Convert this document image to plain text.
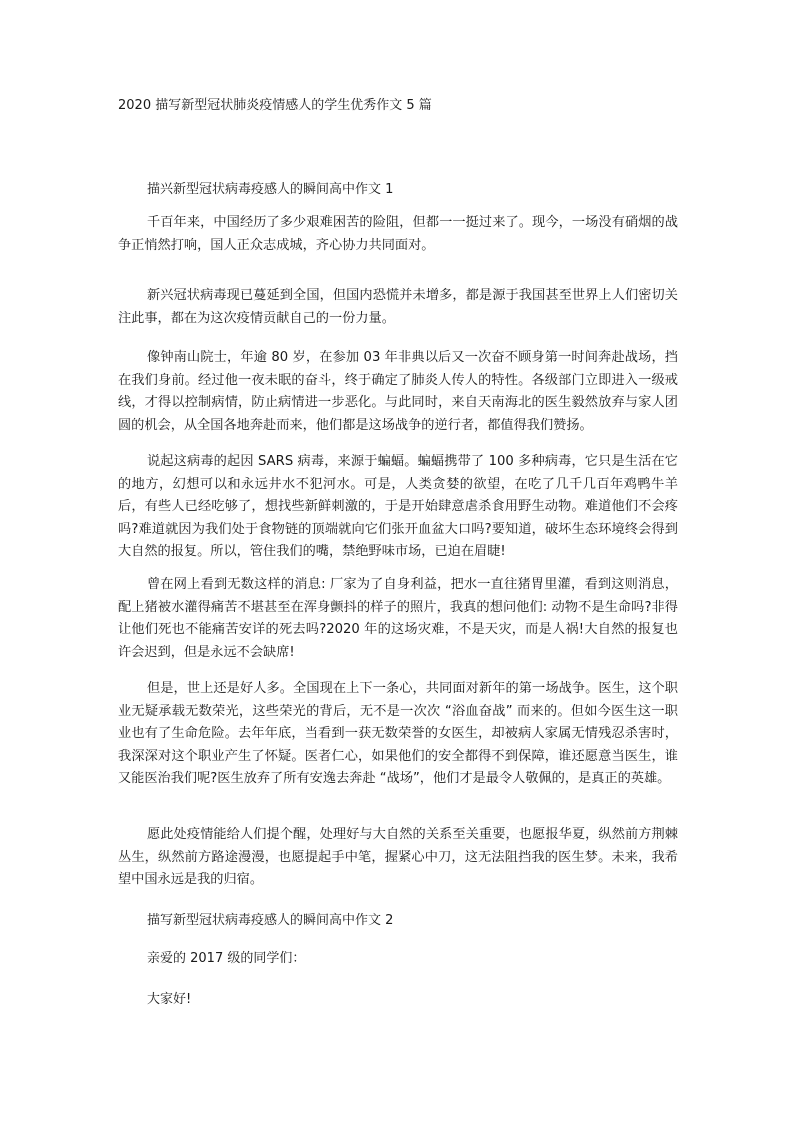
2020 描写新型冠状肺炎疫情感人的学生优秀作文 5 篇
描兴新型冠状病毒疫感人的瞬间高中作文 1

千百年来，中国经历了多少艰难困苦的险阻，但都一一挺过来了。现今，一场没有硝烟的战争正悄然打响，国人正众志成城，齐心协力共同面对。

新兴冠状病毒现已蔓延到全国，但国内恐慌并未增多，都是源于我国甚至世界上人们密切关注此事，都在为这次疫情贡献自己的一份力量。

像钟南山院士，年逾 80 岁，在参加 03 年非典以后又一次奋不顾身第一时间奔赴战场，挡在我们身前。经过他一夜未眠的奋斗，终于确定了肺炎人传人的特性。各级部门立即进入一级戒线，才得以控制病情，防止病情进一步恶化。与此同时，来自天南海北的医生毅然放弃与家人团圆的机会，从全国各地奔赴而来，他们都是这场战争的逆行者，都值得我们赞扬。

说起这病毒的起因 SARS 病毒，来源于蝙蝠。蝙蝠携带了 100 多种病毒，它只是生活在它的地方，幻想可以和永远井水不犯河水。可是，人类贪婪的欲望，在吃了几千几百年鸡鸭牛羊后，有些人已经吃够了，想找些新鲜刺激的，于是开始肆意虐杀食用野生动物。难道他们不会疼吗?难道就因为我们处于食物链的顶端就向它们张开血盆大口吗?要知道，破坏生态环境终会得到大自然的报复。所以，管住我们的嘴，禁绝野味市场，已迫在眉睫!

曾在网上看到无数这样的消息: 厂家为了自身利益，把水一直往猪胃里灌，看到这则消息，配上猪被水灌得痛苦不堪甚至在浑身颤抖的样子的照片，我真的想问他们: 动物不是生命吗?非得让他们死也不能痛苦安详的死去吗?2020 年的这场灾难，不是天灾，而是人祸!大自然的报复也许会迟到，但是永远不会缺席!

但是，世上还是好人多。全国现在上下一条心，共同面对新年的第一场战争。医生，这个职业无疑承载无数荣光，这些荣光的背后，无不是一次次 “浴血奋战” 而来的。但如今医生这一职业也有了生命危险。去年年底，当看到一获无数荣誉的女医生，却被病人家属无情残忍杀害时，我深深对这个职业产生了怀疑。医者仁心，如果他们的安全都得不到保障，谁还愿意当医生，谁又能医治我们呢?医生放弃了所有安逸去奔赴 “战场”，他们才是最令人敬佩的，是真正的英雄。

愿此处疫情能给人们提个醒，处理好与大自然的关系至关重要，也愿报华夏，纵然前方荆棘丛生，纵然前方路途漫漫，也愿提起手中笔，握紧心中刀，这无法阻挡我的医生梦。未来，我希望中国永远是我的归宿。

描写新型冠状病毒疫感人的瞬间高中作文 2
亲爱的 2017 级的同学们：
大家好!
